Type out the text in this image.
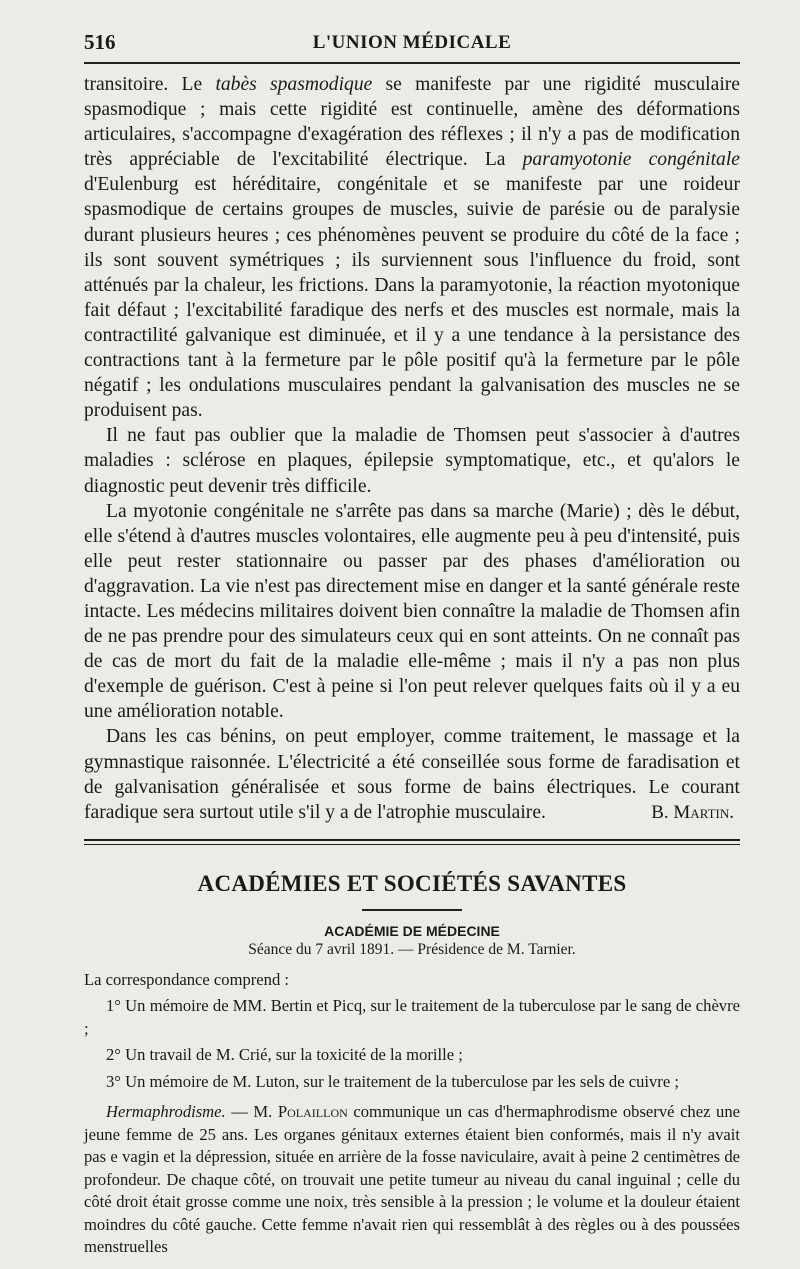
516	L'UNION MÉDICALE

transitoire. Le tabès spasmodique se manifeste par une rigidité musculaire spasmodique ; mais cette rigidité est continuelle, amène des déformations articulaires, s'accompagne d'exagération des réflexes ; il n'y a pas de modification très appréciable de l'excitabilité électrique. La paramyotonie congénitale d'Eulenburg est héréditaire, congénitale et se manifeste par une roideur spasmodique de certains groupes de muscles, suivie de parésie ou de paralysie durant plusieurs heures ; ces phénomènes peuvent se produire du côté de la face ; ils sont souvent symétriques ; ils surviennent sous l'influence du froid, sont atténués par la chaleur, les frictions. Dans la paramyotonie, la réaction myotonique fait défaut ; l'excitabilité faradique des nerfs et des muscles est normale, mais la contractilité galvanique est diminuée, et il y a une tendance à la persistance des contractions tant à la fermeture par le pôle positif qu'à la fermeture par le pôle négatif ; les ondulations musculaires pendant la galvanisation des muscles ne se produisent pas.

Il ne faut pas oublier que la maladie de Thomsen peut s'associer à d'autres maladies : sclérose en plaques, épilepsie symptomatique, etc., et qu'alors le diagnostic peut devenir très difficile.

La myotonie congénitale ne s'arrête pas dans sa marche (Marie) ; dès le début, elle s'étend à d'autres muscles volontaires, elle augmente peu à peu d'intensité, puis elle peut rester stationnaire ou passer par des phases d'amélioration ou d'aggravation. La vie n'est pas directement mise en danger et la santé générale reste intacte. Les médecins militaires doivent bien connaître la maladie de Thomsen afin de ne pas prendre pour des simulateurs ceux qui en sont atteints. On ne connaît pas de cas de mort du fait de la maladie elle-même ; mais il n'y a pas non plus d'exemple de guérison. C'est à peine si l'on peut relever quelques faits où il y a eu une amélioration notable.

Dans les cas bénins, on peut employer, comme traitement, le massage et la gymnastique raisonnée. L'électricité a été conseillée sous forme de faradisation et de galvanisation généralisée et sous forme de bains électriques. Le courant faradique sera surtout utile s'il y a de l'atrophie musculaire.	B. Martin.
ACADÉMIES ET SOCIÉTÉS SAVANTES
ACADÉMIE DE MÉDECINE
Séance du 7 avril 1891. — Présidence de M. Tarnier.

La correspondance comprend :

1° Un mémoire de MM. Bertin et Picq, sur le traitement de la tuberculose par le sang de chèvre ;

2° Un travail de M. Crié, sur la toxicité de la morille ;

3° Un mémoire de M. Luton, sur le traitement de la tuberculose par les sels de cuivre ;

Hermaphrodisme. — M. Polaillon communique un cas d'hermaphrodisme observé chez une jeune femme de 25 ans. Les organes génitaux externes étaient bien conformés, mais il n'y avait pas e vagin et la dépression, située en arrière de la fosse naviculaire, avait à peine 2 centimètres de profondeur. De chaque côté, on trouvait une petite tumeur au niveau du canal inguinal ; celle du côté droit était grosse comme une noix, très sensible à la pression ; le volume et la douleur étaient moindres du côté gauche. Cette femme n'avait rien qui ressemblât à des règles ou à des poussées menstruelles
